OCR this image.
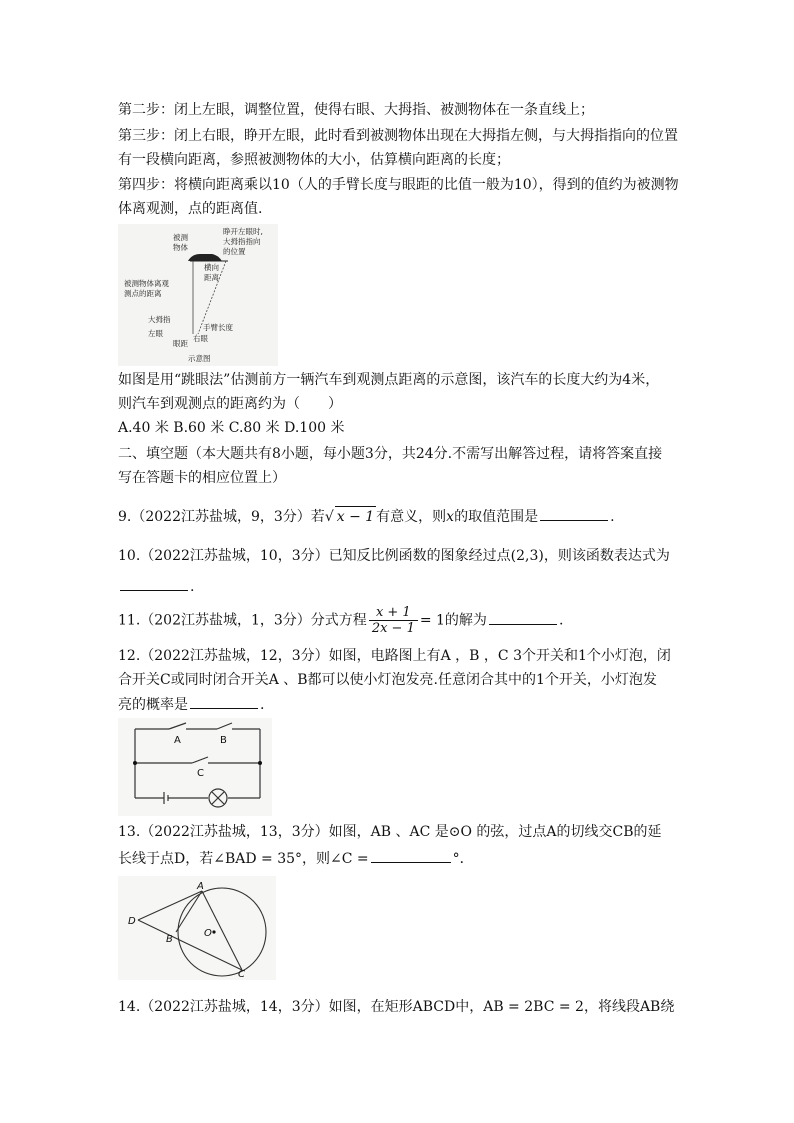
第二步：闭上左眼，调整位置，使得右眼、大拇指、被测物体在一条直线上；
第三步：闭上右眼，睁开左眼，此时看到被测物体出现在大拇指左侧，与大拇指指向的位置
有一段横向距离，参照被测物体的大小，估算横向距离的长度；
第四步：将横向距离乘以10（人的手臂长度与眼距的比值一般为10），得到的值约为被测物
体离观测，点的距离值.
被测
物体
睁开左眼时,
大拇指指向
的位置
横向
距离
被测物体离观
测点的距离
大拇指
左眼
手臂长度
右眼
眼距
示意图
如图是用“跳眼法”估测前方一辆汽车到观测点距离的示意图，该汽车的长度大约为4米，
则汽车到观测点的距离约为（　　）
A.40 米 B.60 米 C.80 米 D.100 米
二、填空题（本大题共有8小题，每小题3分，共24分.不需写出解答过程，请将答案直接
写在答题卡的相应位置上）
9.（2022江苏盐城，9，3分）若√ x − 1 有意义，则x的取值范围是	.
10.（2022江苏盐城，10，3分）已知反比例函数的图象经过点(2,3)，则该函数表达式为
.
11.（202江苏盐城，1，3分）分式方程 $\frac{x + 1}{2x - 1} = 1$的解为	.
12.（2022江苏盐城，12，3分）如图，电路图上有A ，B ，C 3个开关和1个小灯泡，闭
合开关C或同时闭合开关A 、B都可以使小灯泡发亮.任意闭合其中的1个开关，小灯泡发
亮的概率是	.
A	B
C
13.（2022江苏盐城，13，3分）如图，AB 、AC 是⊙O 的弦，过点A的切线交CB的延
长线于点D，若∠BAD = 35°，则∠C =	°．
A
B
C
D
O
14.（2022江苏盐城，14，3分）如图，在矩形ABCD中，AB = 2BC = 2，将线段AB绕
